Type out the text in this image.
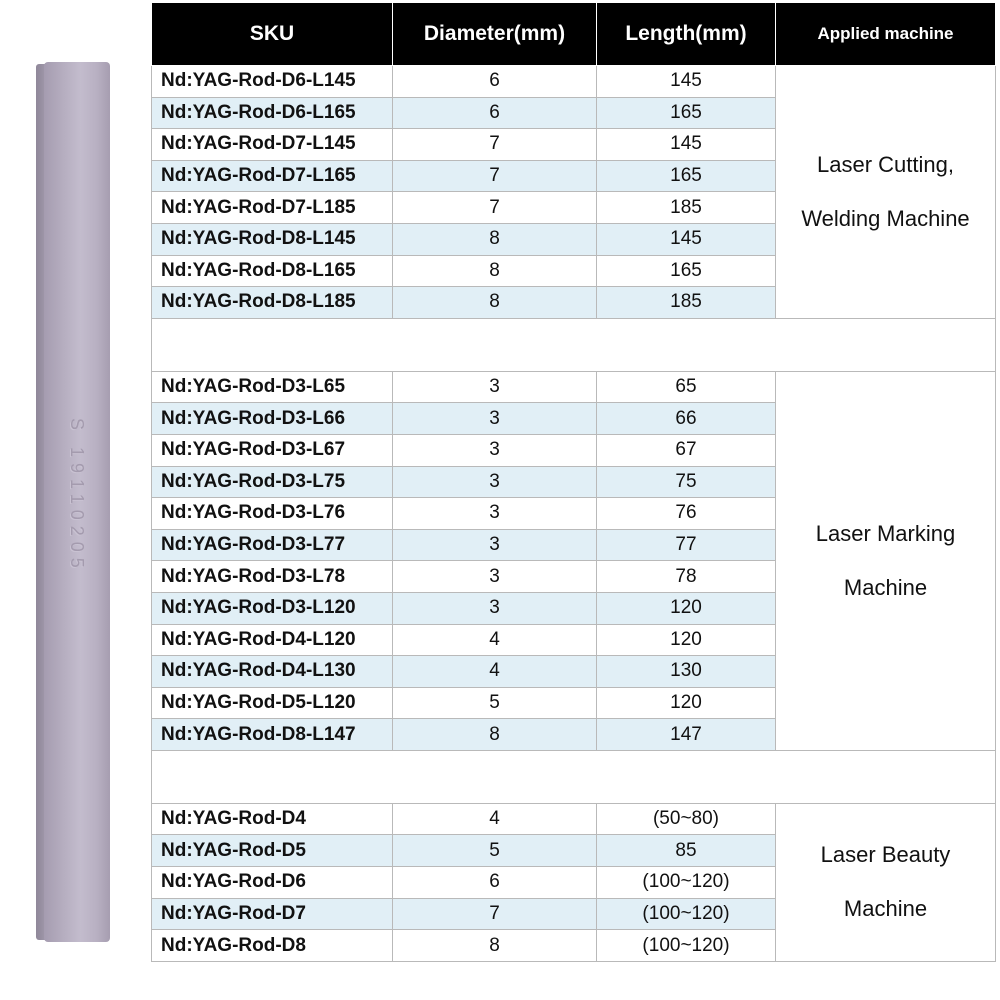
S 19110205
SKU	Diameter(mm)	Length(mm)	Applied machine
Nd:YAG-Rod-D6-L145	6	145	Laser Cutting,
Welding Machine

Nd:YAG-Rod-D6-L165	6	165	
Nd:YAG-Rod-D7-L145	7	145	
Nd:YAG-Rod-D7-L165	7	165	
Nd:YAG-Rod-D7-L185	7	185	
Nd:YAG-Rod-D8-L145	8	145	
Nd:YAG-Rod-D8-L165	8	165	
Nd:YAG-Rod-D8-L185	8	185	

Nd:YAG-Rod-D3-L65	3	65	Laser Marking
Machine

Nd:YAG-Rod-D3-L66	3	66	
Nd:YAG-Rod-D3-L67	3	67	
Nd:YAG-Rod-D3-L75	3	75	
Nd:YAG-Rod-D3-L76	3	76	
Nd:YAG-Rod-D3-L77	3	77	
Nd:YAG-Rod-D3-L78	3	78	
Nd:YAG-Rod-D3-L120	3	120	
Nd:YAG-Rod-D4-L120	4	120	
Nd:YAG-Rod-D4-L130	4	130	
Nd:YAG-Rod-D5-L120	5	120	
Nd:YAG-Rod-D8-L147	8	147	

Nd:YAG-Rod-D4	4	(50~80)	Laser Beauty
Machine

Nd:YAG-Rod-D5	5	85	
Nd:YAG-Rod-D6	6	(100~120)	
Nd:YAG-Rod-D7	7	(100~120)	
Nd:YAG-Rod-D8	8	(100~120)	
